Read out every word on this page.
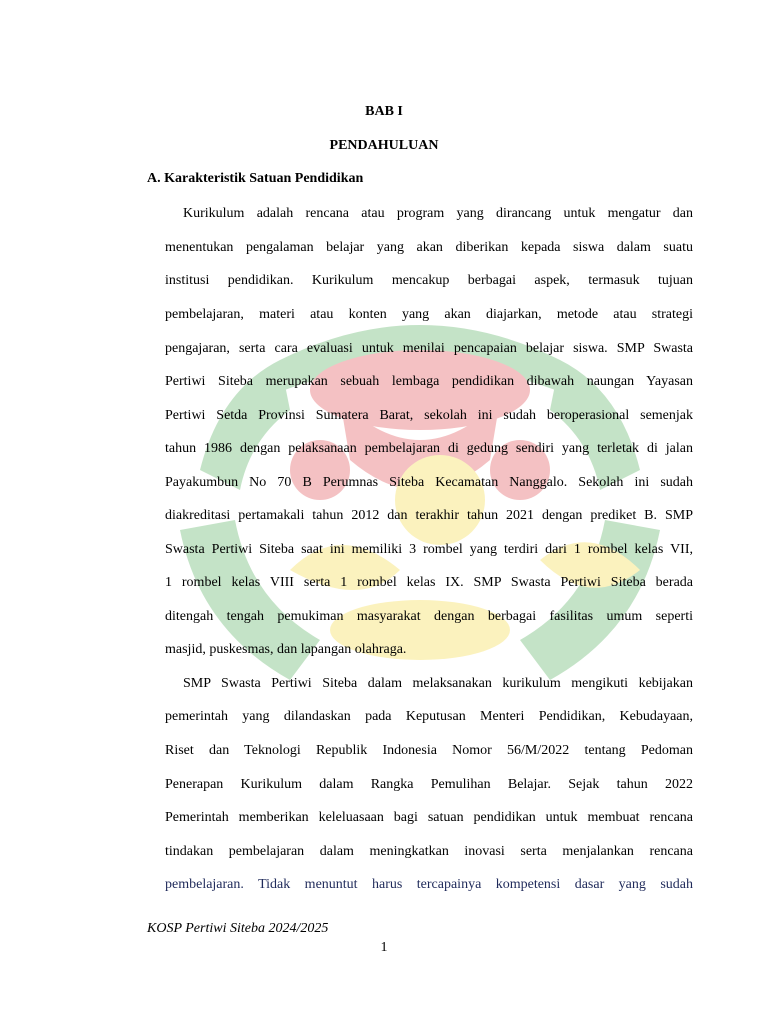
BAB I
PENDAHULUAN
A. Karakteristik Satuan Pendidikan
Kurikulum adalah rencana atau program yang dirancang untuk mengatur dan
menentukan pengalaman belajar yang akan diberikan kepada siswa dalam suatu
institusi pendidikan. Kurikulum mencakup berbagai aspek, termasuk tujuan
pembelajaran, materi atau konten yang akan diajarkan, metode atau strategi
pengajaran, serta cara evaluasi untuk menilai pencapaian belajar siswa. SMP Swasta
Pertiwi Siteba merupakan sebuah lembaga pendidikan dibawah naungan Yayasan
Pertiwi Setda Provinsi Sumatera Barat, sekolah ini sudah beroperasional semenjak
tahun 1986 dengan pelaksanaan pembelajaran di gedung sendiri yang terletak di jalan
Payakumbun No 70 B Perumnas Siteba Kecamatan Nanggalo. Sekolah ini sudah
diakreditasi pertamakali tahun 2012 dan terakhir tahun 2021 dengan prediket B. SMP
Swasta Pertiwi Siteba saat ini memiliki 3 rombel yang terdiri dari 1 rombel kelas VII,
1 rombel kelas VIII serta 1 rombel kelas IX. SMP Swasta Pertiwi Siteba berada
ditengah tengah pemukiman masyarakat dengan berbagai fasilitas umum seperti
masjid, puskesmas, dan lapangan olahraga.
SMP Swasta Pertiwi Siteba dalam melaksanakan kurikulum mengikuti kebijakan
pemerintah yang dilandaskan pada Keputusan Menteri Pendidikan, Kebudayaan,
Riset dan Teknologi Republik Indonesia Nomor 56/M/2022 tentang Pedoman
Penerapan Kurikulum dalam Rangka Pemulihan Belajar. Sejak tahun 2022
Pemerintah memberikan keleluasaan bagi satuan pendidikan untuk membuat rencana
tindakan pembelajaran dalam meningkatkan inovasi serta menjalankan rencana
pembelajaran. Tidak menuntut harus tercapainya kompetensi dasar yang sudah
KOSP Pertiwi Siteba 2024/2025
1
